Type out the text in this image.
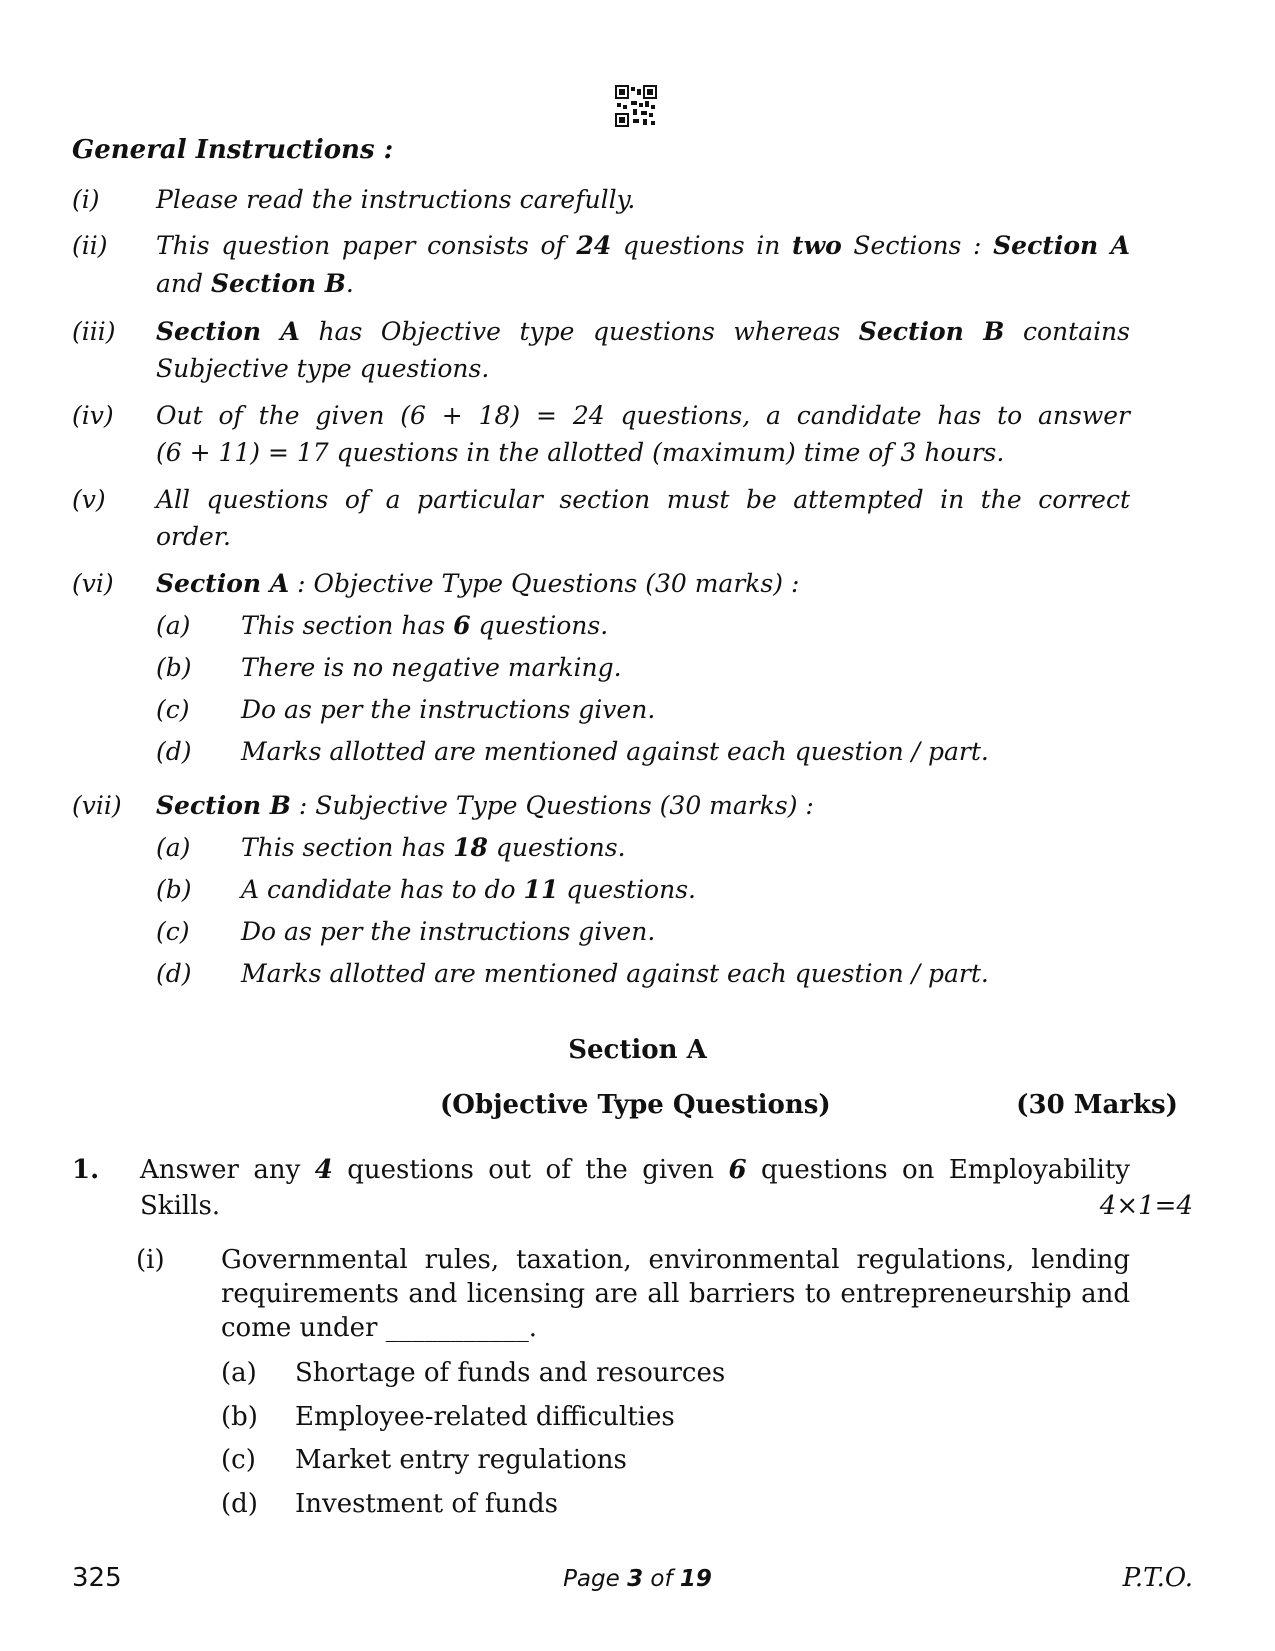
General Instructions :
(i) Please read the instructions carefully.
(ii) This question paper consists of 24 questions in two Sections : Section A
and Section B.
(iii) Section A has Objective type questions whereas Section B contains
Subjective type questions.
(iv) Out of the given (6 + 18) = 24 questions, a candidate has to answer
(6 + 11) = 17 questions in the allotted (maximum) time of 3 hours.
(v) All questions of a particular section must be attempted in the correct
order.
(vi) Section A : Objective Type Questions (30 marks) :
(a) This section has 6 questions.
(b) There is no negative marking.
(c) Do as per the instructions given.
(d) Marks allotted are mentioned against each question / part.
(vii) Section B : Subjective Type Questions (30 marks) :
(a) This section has 18 questions.
(b) A candidate has to do 11 questions.
(c) Do as per the instructions given.
(d) Marks allotted are mentioned against each question / part.
Section A
(Objective Type Questions)	(30 Marks)
1. Answer any 4 questions out of the given 6 questions on Employability
Skills.	4×1=4
(i) Governmental rules, taxation, environmental regulations, lending
requirements and licensing are all barriers to entrepreneurship and
come under ___________.
(a) Shortage of funds and resources
(b) Employee-related difficulties
(c) Market entry regulations
(d) Investment of funds
325	Page 3 of 19	P.T.O.
